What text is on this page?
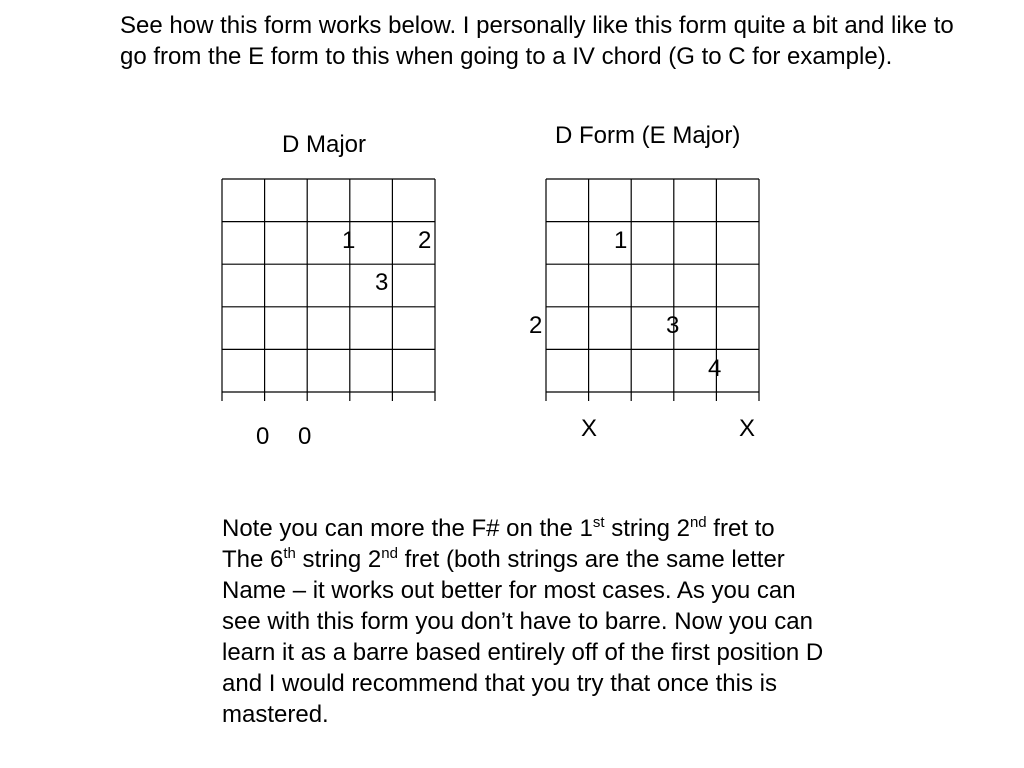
See how this form works below. I personally like this form quite a bit and like to go from the E form to this when going to a IV chord (G to C for example).

D Major	D Form (E Major)

1	2
3
0 0
1
2	3
4
X	X
Note you can more the F# on the 1st string 2nd fret to
The 6th string 2nd fret (both strings are the same letter
Name – it works out better for most cases. As you can
see with this form you don’t have to barre. Now you can
learn it as a barre based entirely off of the first position D
and I would recommend that you try that once this is
mastered.
